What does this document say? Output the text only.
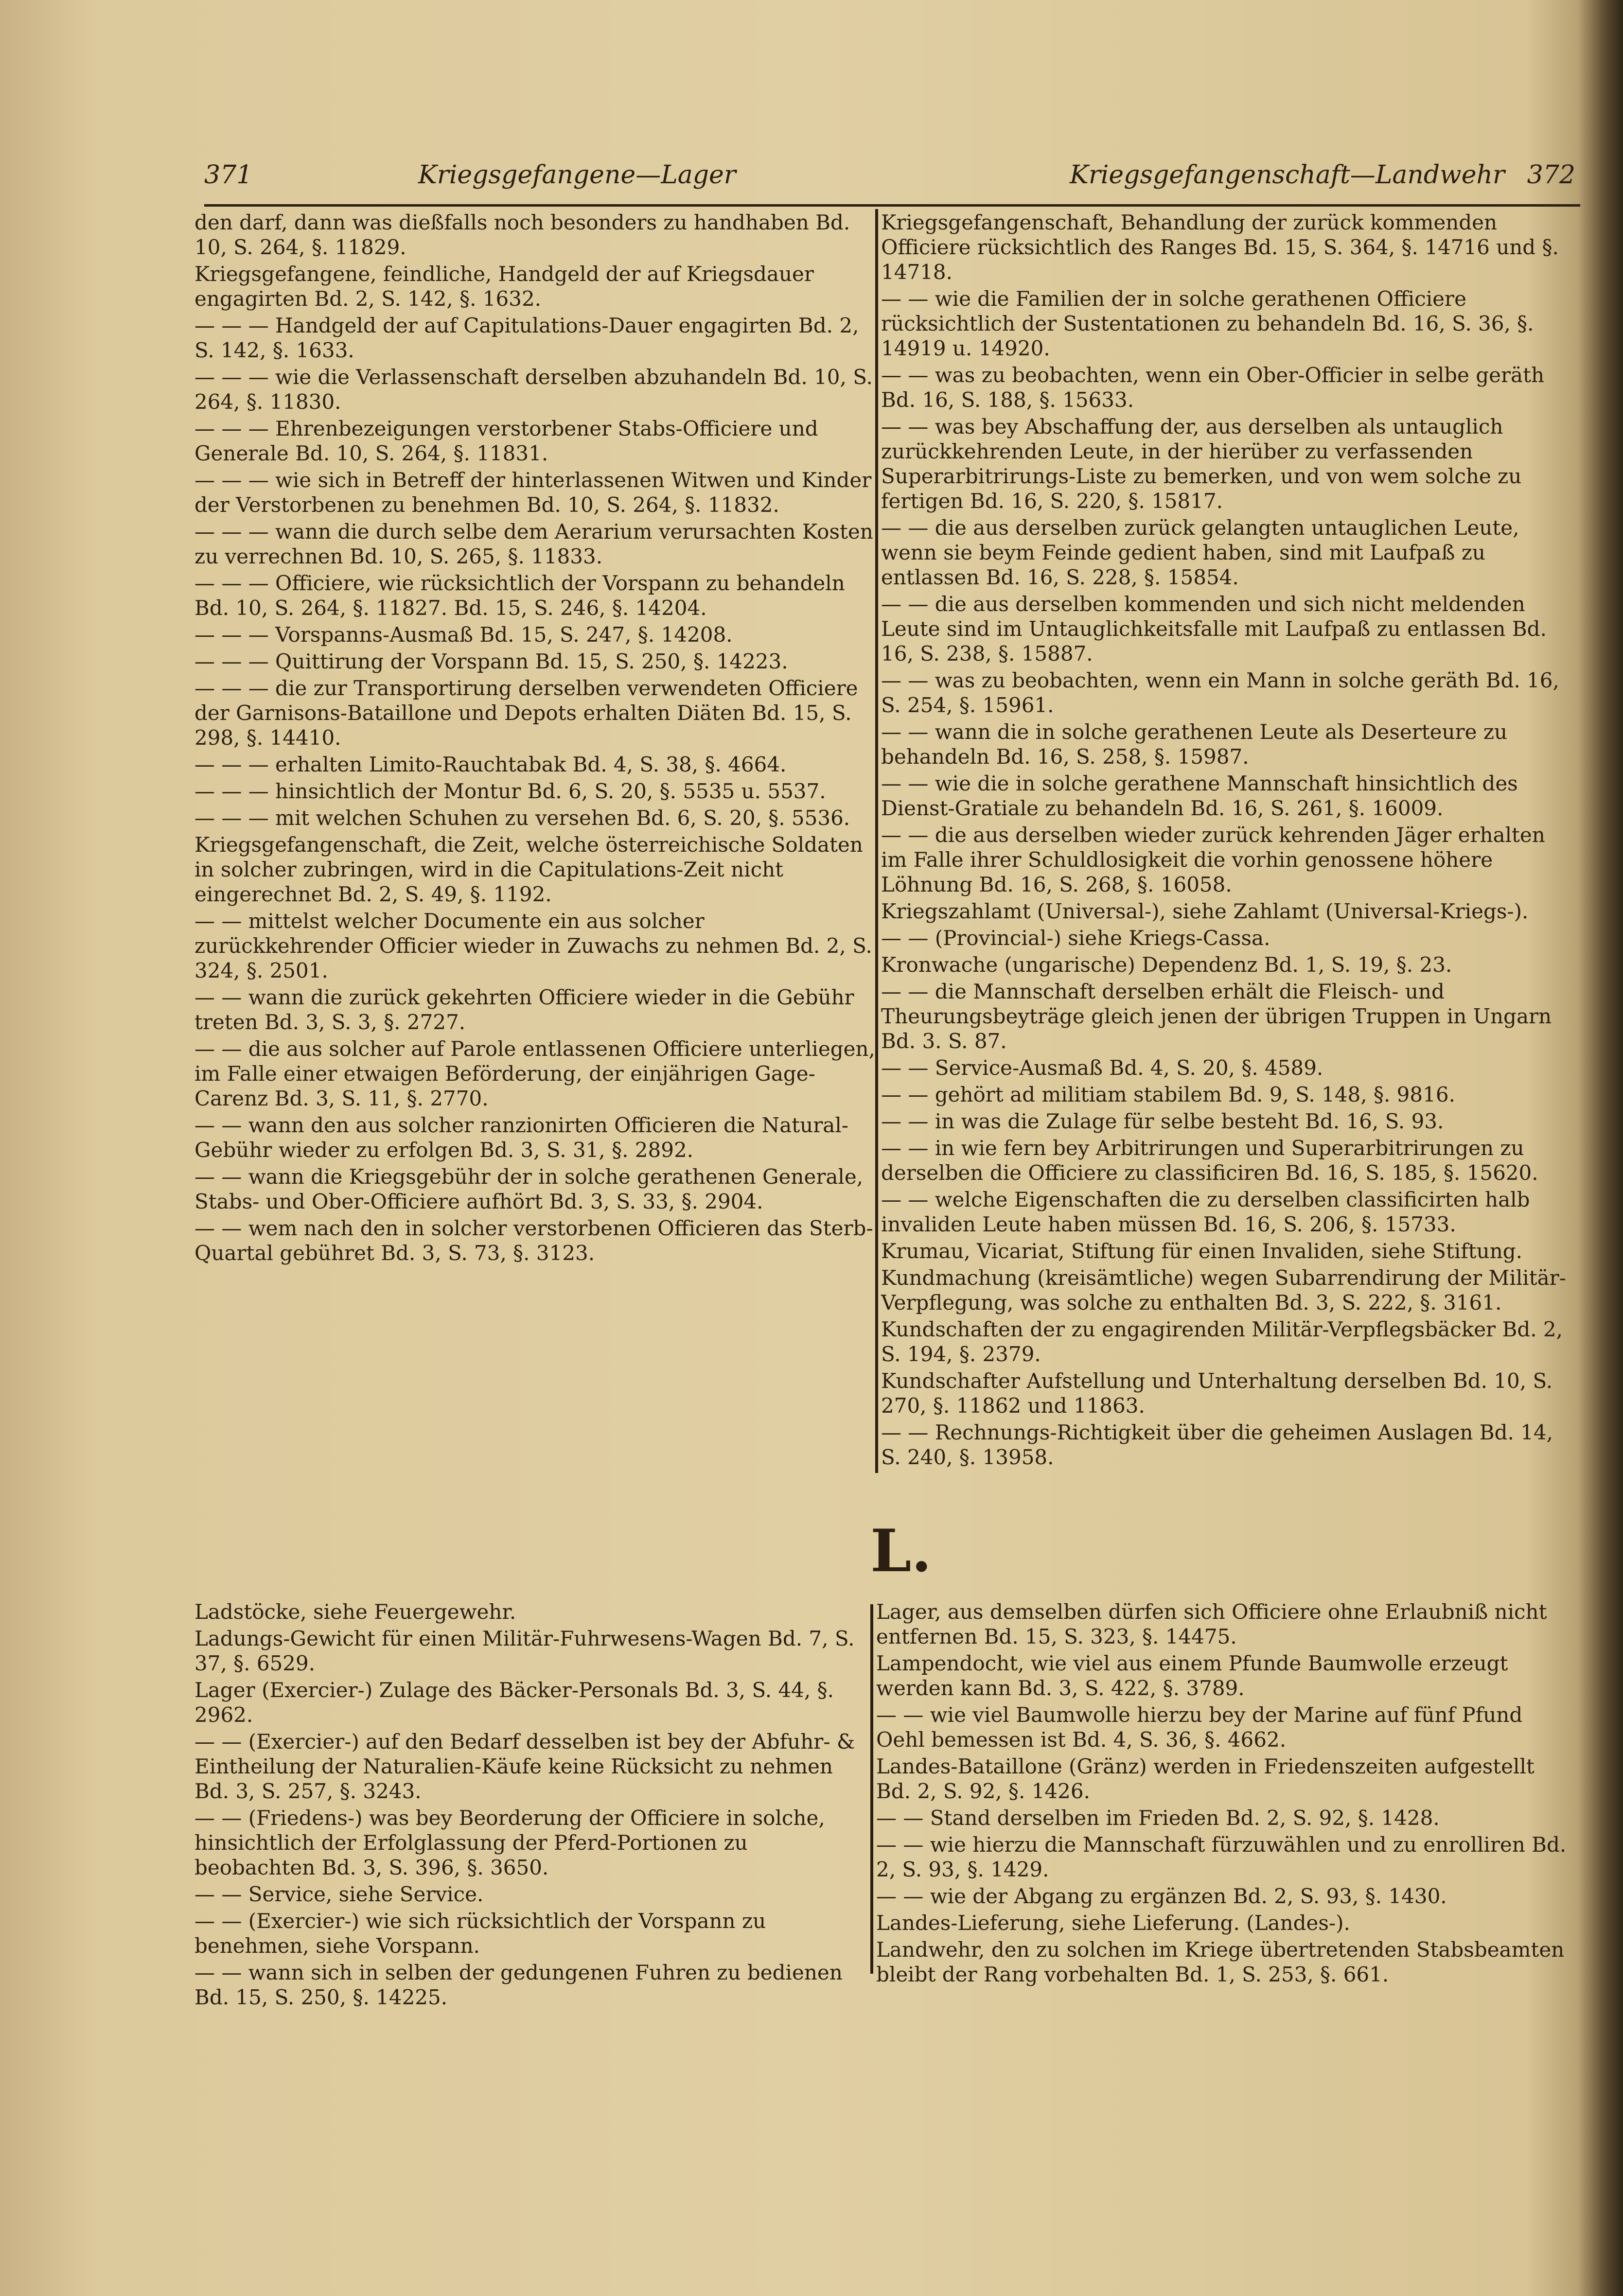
371	Kriegsgefangene—Lager	Kriegsgefangenschaft—Landwehr 372

den darf, dann was dießfalls noch besonders zu handhaben Bd. 10, S. 264, §. 11829.

Kriegsgefangene, feindliche, Handgeld der auf Kriegsdauer engagirten Bd. 2, S. 142, §. 1632.

— — — Handgeld der auf Capitulations-Dauer engagirten Bd. 2, S. 142, §. 1633.

— — — wie die Verlassenschaft derselben abzuhandeln Bd. 10, S. 264, §. 11830.

— — — Ehrenbezeigungen verstorbener Stabs-Officiere und Generale Bd. 10, S. 264, §. 11831.

— — — wie sich in Betreff der hinterlassenen Witwen und Kinder der Verstorbenen zu benehmen Bd. 10, S. 264, §. 11832.

— — — wann die durch selbe dem Aerarium verursachten Kosten zu verrechnen Bd. 10, S. 265, §. 11833.

— — — Officiere, wie rücksichtlich der Vorspann zu behandeln Bd. 10, S. 264, §. 11827. Bd. 15, S. 246, §. 14204.

— — — Vorspanns-Ausmaß Bd. 15, S. 247, §. 14208.

— — — Quittirung der Vorspann Bd. 15, S. 250, §. 14223.

— — — die zur Transportirung derselben verwendeten Officiere der Garnisons-Bataillone und Depots erhalten Diäten Bd. 15, S. 298, §. 14410.

— — — erhalten Limito-Rauchtabak Bd. 4, S. 38, §. 4664.

— — — hinsichtlich der Montur Bd. 6, S. 20, §. 5535 u. 5537.

— — — mit welchen Schuhen zu versehen Bd. 6, S. 20, §. 5536.

Kriegsgefangenschaft, die Zeit, welche österreichische Soldaten in solcher zubringen, wird in die Capitulations-Zeit nicht eingerechnet Bd. 2, S. 49, §. 1192.

— — mittelst welcher Documente ein aus solcher zurückkehrender Officier wieder in Zuwachs zu nehmen Bd. 2, S. 324, §. 2501.

— — wann die zurück gekehrten Officiere wieder in die Gebühr treten Bd. 3, S. 3, §. 2727.

— — die aus solcher auf Parole entlassenen Officiere unterliegen, im Falle einer etwaigen Beförderung, der einjährigen Gage-Carenz Bd. 3, S. 11, §. 2770.

— — wann den aus solcher ranzionirten Officieren die Natural-Gebühr wieder zu erfolgen Bd. 3, S. 31, §. 2892.

— — wann die Kriegsgebühr der in solche gerathenen Generale, Stabs- und Ober-Officiere aufhört Bd. 3, S. 33, §. 2904.

— — wem nach den in solcher verstorbenen Officieren das Sterb-Quartal gebühret Bd. 3, S. 73, §. 3123.

Kriegsgefangenschaft, Behandlung der zurück kommenden Officiere rücksichtlich des Ranges Bd. 15, S. 364, §. 14716 und §. 14718.

— — wie die Familien der in solche gerathenen Officiere rücksichtlich der Sustentationen zu behandeln Bd. 16, S. 36, §. 14919 u. 14920.

— — was zu beobachten, wenn ein Ober-Officier in selbe geräth Bd. 16, S. 188, §. 15633.

— — was bey Abschaffung der, aus derselben als untauglich zurückkehrenden Leute, in der hierüber zu verfassenden Superarbitrirungs-Liste zu bemerken, und von wem solche zu fertigen Bd. 16, S. 220, §. 15817.

— — die aus derselben zurück gelangten untauglichen Leute, wenn sie beym Feinde gedient haben, sind mit Laufpaß zu entlassen Bd. 16, S. 228, §. 15854.

— — die aus derselben kommenden und sich nicht meldenden Leute sind im Untauglichkeitsfalle mit Laufpaß zu entlassen Bd. 16, S. 238, §. 15887.

— — was zu beobachten, wenn ein Mann in solche geräth Bd. 16, S. 254, §. 15961.

— — wann die in solche gerathenen Leute als Deserteure zu behandeln Bd. 16, S. 258, §. 15987.

— — wie die in solche gerathene Mannschaft hinsichtlich des Dienst-Gratiale zu behandeln Bd. 16, S. 261, §. 16009.

— — die aus derselben wieder zurück kehrenden Jäger erhalten im Falle ihrer Schuldlosigkeit die vorhin genossene höhere Löhnung Bd. 16, S. 268, §. 16058.

Kriegszahlamt (Universal-), siehe Zahlamt (Universal-Kriegs-).

— — (Provincial-) siehe Kriegs-Cassa.

Kronwache (ungarische) Dependenz Bd. 1, S. 19, §. 23.

— — die Mannschaft derselben erhält die Fleisch- und Theurungsbeyträge gleich jenen der übrigen Truppen in Ungarn Bd. 3. S. 87.

— — Service-Ausmaß Bd. 4, S. 20, §. 4589.

— — gehört ad militiam stabilem Bd. 9, S. 148, §. 9816.

— — in was die Zulage für selbe besteht Bd. 16, S. 93.

— — in wie fern bey Arbitrirungen und Superarbitrirungen zu derselben die Officiere zu classificiren Bd. 16, S. 185, §. 15620.

— — welche Eigenschaften die zu derselben classificirten halb invaliden Leute haben müssen Bd. 16, S. 206, §. 15733.

Krumau, Vicariat, Stiftung für einen Invaliden, siehe Stiftung.

Kundmachung (kreisämtliche) wegen Subarrendirung der Militär-Verpflegung, was solche zu enthalten Bd. 3, S. 222, §. 3161.

Kundschaften der zu engagirenden Militär-Verpflegsbäcker Bd. 2, S. 194, §. 2379.

Kundschafter Aufstellung und Unterhaltung derselben Bd. 10, S. 270, §. 11862 und 11863.

— — Rechnungs-Richtigkeit über die geheimen Auslagen Bd. 14, S. 240, §. 13958.

L.

Ladstöcke, siehe Feuergewehr.

Ladungs-Gewicht für einen Militär-Fuhrwesens-Wagen Bd. 7, S. 37, §. 6529.

Lager (Exercier-) Zulage des Bäcker-Personals Bd. 3, S. 44, §. 2962.

— — (Exercier-) auf den Bedarf desselben ist bey der Abfuhr- & Eintheilung der Naturalien-Käufe keine Rücksicht zu nehmen Bd. 3, S. 257, §. 3243.

— — (Friedens-) was bey Beorderung der Officiere in solche, hinsichtlich der Erfolglassung der Pferd-Portionen zu beobachten Bd. 3, S. 396, §. 3650.

— — Service, siehe Service.

— — (Exercier-) wie sich rücksichtlich der Vorspann zu benehmen, siehe Vorspann.

— — wann sich in selben der gedungenen Fuhren zu bedienen Bd. 15, S. 250, §. 14225.

Lager, aus demselben dürfen sich Officiere ohne Erlaubniß nicht entfernen Bd. 15, S. 323, §. 14475.

Lampendocht, wie viel aus einem Pfunde Baumwolle erzeugt werden kann Bd. 3, S. 422, §. 3789.

— — wie viel Baumwolle hierzu bey der Marine auf fünf Pfund Oehl bemessen ist Bd. 4, S. 36, §. 4662.

Landes-Bataillone (Gränz) werden in Friedenszeiten aufgestellt Bd. 2, S. 92, §. 1426.

— — Stand derselben im Frieden Bd. 2, S. 92, §. 1428.

— — wie hierzu die Mannschaft fürzuwählen und zu enrolliren Bd. 2, S. 93, §. 1429.

— — wie der Abgang zu ergänzen Bd. 2, S. 93, §. 1430.

Landes-Lieferung, siehe Lieferung. (Landes-).

Landwehr, den zu solchen im Kriege übertretenden Stabsbeamten bleibt der Rang vorbehalten Bd. 1, S. 253, §. 661.
